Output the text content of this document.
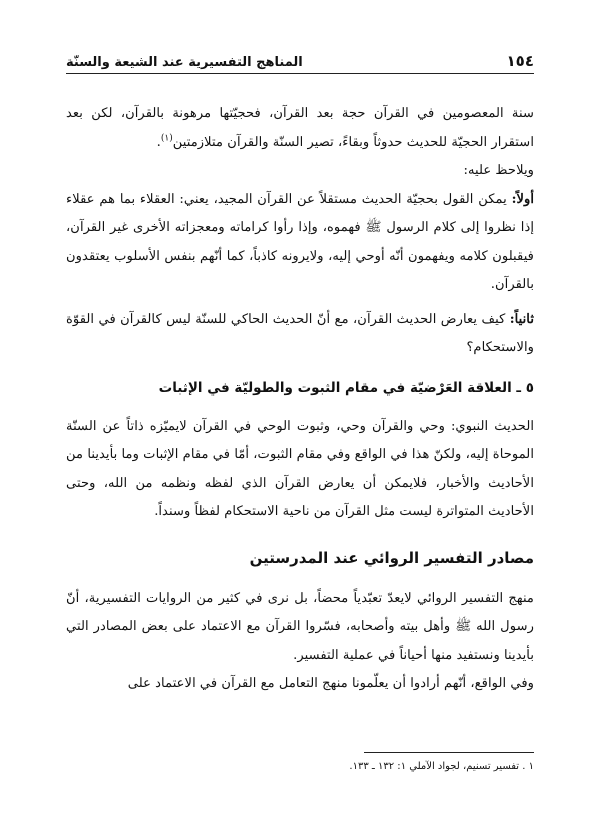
١٥٤
المناهج التفسيرية عند الشيعة والسنّة

سنة المعصومين في القرآن حجة بعد القرآن، فحجيّتها مرهونة بالقرآن، لكن بعد استقرار الحجيّة للحديث حدوثاً وبقاءً، تصير السنّة والقرآن متلازمتين$^{(١)}$.

ويلاحظ عليه:

أولاً: يمكن القول بحجيّة الحديث مستقلاً عن القرآن المجيد، يعني: العقلاء بما هم عقلاء إذا نظروا إلى كلام الرسول ﷺ فهموه، وإذا رأوا كراماته ومعجزاته الأخرى غير القرآن، فيقبلون كلامه ويفهمون أنّه أوحي إليه، ولايرونه كاذباً، كما أنّهم بنفس الأسلوب يعتقدون بالقرآن.

ثانياً: كيف يعارض الحديث القرآن، مع أنّ الحديث الحاكي للسنّة ليس كالقرآن في القوّة والاستحكام؟

٥ ـ العلاقة العَرْضيّة في مقام الثبوت والطوليّة في الإثبات

الحديث النبوي: وحي والقرآن وحي، وثبوت الوحي في القرآن لايميّزه ذاتاً عن السنّة الموحاة إليه، ولكنّ هذا في الواقع وفي مقام الثبوت، أمّا في مقام الإثبات وما بأيدينا من الأحاديث والأخبار، فلايمكن أن يعارض القرآن الذي لفظه ونظمه من الله، وحتى الأحاديث المتواترة ليست مثل القرآن من ناحية الاستحكام لفظاً وسنداً.

مصادر التفسير الروائي عند المدرستين

منهج التفسير الروائي لايعدّ تعبّدياً محضاً، بل نرى في كثير من الروايات التفسيرية، أنّ رسول الله ﷺ وأهل بيته وأصحابه، فسّروا القرآن مع الاعتماد على بعض المصادر التي بأيدينا ونستفيد منها أحياناً في عملية التفسير.

وفي الواقع، أنّهم أرادوا أن يعلّمونا منهج التعامل مع القرآن في الاعتماد على

١ . تفسير تسنيم، لجواد الآملي ١: ١٣٢ ـ ١٣٣.
